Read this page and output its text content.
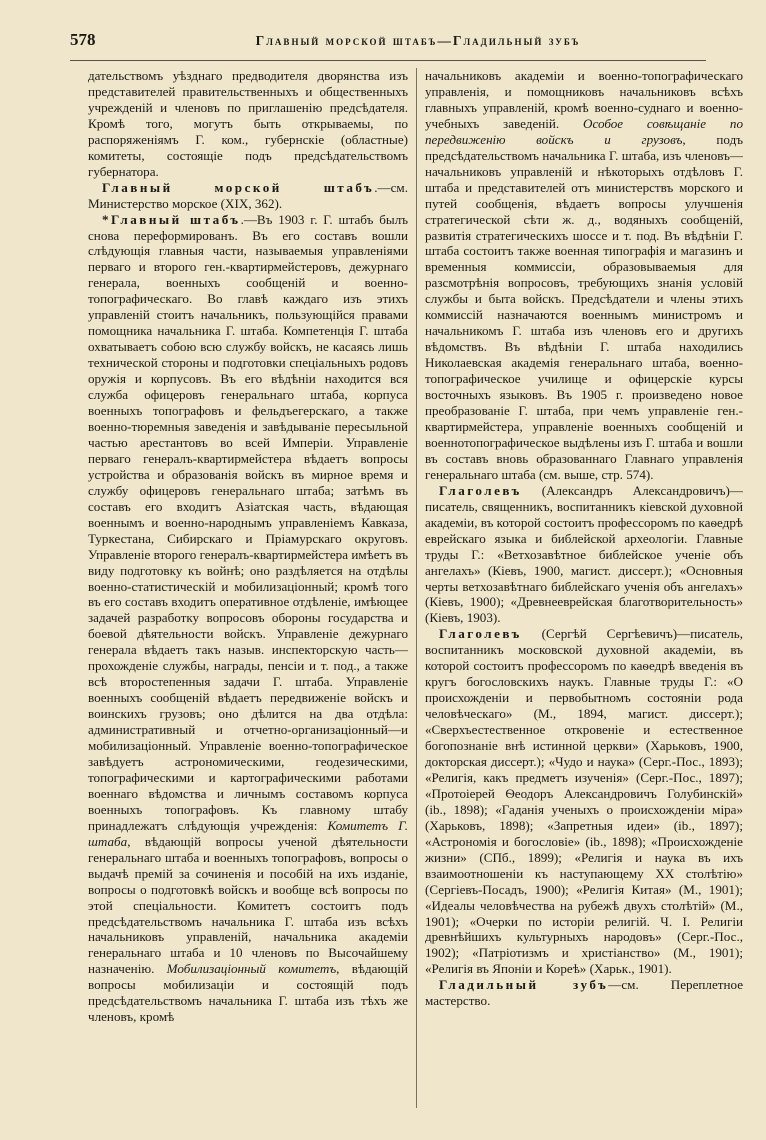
578	Главный морской штабъ—Гладильный зубъ

дательствомъ уѣзднаго предводителя дворянства изъ представителей правительственныхъ и общественныхъ учрежденій и членовъ по приглашенію предсѣдателя. Кромѣ того, могутъ быть открываемы, по распоряженіямъ Г. ком., губернскіе (областные) комитеты, состоящіе подъ предсѣдательствомъ губернатора.

Главный морской штабъ.—см. Министерство морское (XIX, 362).

*Главный штабъ.—Въ 1903 г. Г. штабъ былъ снова переформированъ. Въ его составъ вошли слѣдующія главныя части, называемыя управленіями перваго и второго ген.-квартирмейстеровъ, дежурнаго генерала, военныхъ сообщеній и военно-топографическаго. Во главѣ каждаго изъ этихъ управленій стоитъ начальникъ, пользующійся правами помощника начальника Г. штаба. Компетенція Г. штаба охватываетъ собою всю службу войскъ, не касаясь лишь технической стороны и подготовки спеціальныхъ родовъ оружія и корпусовъ. Въ его вѣдѣніи находится вся служба офицеровъ генеральнаго штаба, корпуса военныхъ топографовъ и фельдъегерскаго, а также военно-тюремныя заведенія и завѣдываніе пересыльной частью арестантовъ во всей Имперіи. Управленіе перваго генералъ-квартирмейстера вѣдаетъ вопросы устройства и образованія войскъ въ мирное время и службу офицеровъ генеральнаго штаба; затѣмъ въ составъ его входитъ Азіатская часть, вѣдающая военнымъ и военно-народнымъ управленіемъ Кавказа, Туркестана, Сибирскаго и Пріамурскаго округовъ. Управленіе второго генералъ-квартирмейстера имѣетъ въ виду подготовку къ войнѣ; оно раздѣляется на отдѣлы военно-статистическій и мобилизаціонный; кромѣ того въ его составъ входитъ оперативное отдѣленіе, имѣющее задачей разработку вопросовъ обороны государства и боевой дѣятельности войскъ. Управленіе дежурнаго генерала вѣдаетъ такъ назыв. инспекторскую часть—прохожденіе службы, награды, пенсіи и т. под., а также всѣ второстепенныя задачи Г. штаба. Управленіе военныхъ сообщеній вѣдаетъ передвиженіе войскъ и воинскихъ грузовъ; оно дѣлится на два отдѣла: административный и отчетно-организаціонный—и мобилизаціонный. Управленіе военно-топографическое завѣдуетъ астрономическими, геодезическими, топографическими и картографическими работами военнаго вѣдомства и личнымъ составомъ корпуса военныхъ топографовъ. Къ главному штабу принадлежатъ слѣдующія учрежденія: Комитетъ Г. штаба, вѣдающій вопросы ученой дѣятельности генеральнаго штаба и военныхъ топографовъ, вопросы о выдачѣ премій за сочиненія и пособій на ихъ изданіе, вопросы о подготовкѣ войскъ и вообще всѣ вопросы по этой спеціальности. Комитетъ состоитъ подъ предсѣдательствомъ начальника Г. штаба изъ всѣхъ начальниковъ управленій, начальника академіи генеральнаго штаба и 10 членовъ по Высочайшему назначенію. Мобилизаціонный комитетъ, вѣдающій вопросы мобилизаціи и состоящій подъ предсѣдательствомъ начальника Г. штаба изъ тѣхъ же членовъ, кромѣ

начальниковъ академіи и военно-топографическаго управленія, и помощниковъ начальниковъ всѣхъ главныхъ управленій, кромѣ военно-суднаго и военно-учебныхъ заведеній. Особое совѣщаніе по передвиженію войскъ и грузовъ, подъ предсѣдательствомъ начальника Г. штаба, изъ членовъ—начальниковъ управленій и нѣкоторыхъ отдѣловъ Г. штаба и представителей отъ министерствъ морского и путей сообщенія, вѣдаетъ вопросы улучшенія стратегической сѣти ж. д., водяныхъ сообщеній, развитія стратегическихъ шоссе и т. под. Въ вѣдѣніи Г. штаба состоитъ также военная типографія и магазинъ и временныя коммиссіи, образовываемыя для разсмотрѣнія вопросовъ, требующихъ знанія условій службы и быта войскъ. Предсѣдатели и члены этихъ коммиссій назначаются военнымъ министромъ и начальникомъ Г. штаба изъ членовъ его и другихъ вѣдомствъ. Въ вѣдѣніи Г. штаба находились Николаевская академія генеральнаго штаба, военно-топографическое училище и офицерскіе курсы восточныхъ языковъ. Въ 1905 г. произведено новое преобразованіе Г. штаба, при чемъ управленіе ген.-квартирмейстера, управленіе военныхъ сообщеній и военнотопографическое выдѣлены изъ Г. штаба и вошли въ составъ вновь образованнаго Главнаго управленія генеральнаго штаба (см. выше, стр. 574).

Глаголевъ (Александръ Александровичъ)—писатель, священникъ, воспитанникъ кіевской духовной академіи, въ которой состоитъ профессоромъ по каѳедрѣ еврейскаго языка и библейской археологіи. Главные труды Г.: «Ветхозавѣтное библейское ученіе объ ангелахъ» (Кіевъ, 1900, магист. диссерт.); «Основныя черты ветхозавѣтнаго библейскаго ученія объ ангелахъ» (Кіевъ, 1900); «Древнееврейская благотворительность» (Кіевъ, 1903).

Глаголевъ (Сергѣй Сергѣевичъ)—писатель, воспитанникъ московской духовной академіи, въ которой состоитъ профессоромъ по каѳедрѣ введенія въ кругъ богословскихъ наукъ. Главные труды Г.: «О происхожденіи и первобытномъ состояніи рода человѣческаго» (М., 1894, магист. диссерт.); «Сверхъестественное откровеніе и естественное богопознаніе внѣ истинной церкви» (Харьковъ, 1900, докторская диссерт.); «Чудо и наука» (Серг.-Пос., 1893); «Религія, какъ предметъ изученія» (Серг.-Пос., 1897); «Протоіерей Ѳеодоръ Александровичъ Голубинскій» (ib., 1898); «Гаданія ученыхъ о происхожденіи міра» (Харьковъ, 1898); «Запретныя идеи» (ib., 1897); «Астрономія и богословіе» (ib., 1898); «Происхожденіе жизни» (СПб., 1899); «Религія и наука въ ихъ взаимоотношеніи къ наступающему XX столѣтію» (Сергіевъ-Посадъ, 1900); «Религія Китая» (М., 1901); «Идеалы человѣчества на рубежѣ двухъ столѣтій» (М., 1901); «Очерки по исторіи религій. Ч. I. Религіи древнѣйшихъ культурныхъ народовъ» (Серг.-Пос., 1902); «Патріотизмъ и христіанство» (М., 1901); «Религія въ Японіи и Кореѣ» (Харьк., 1901).

Гладильный зубъ—см. Переплетное мастерство.
